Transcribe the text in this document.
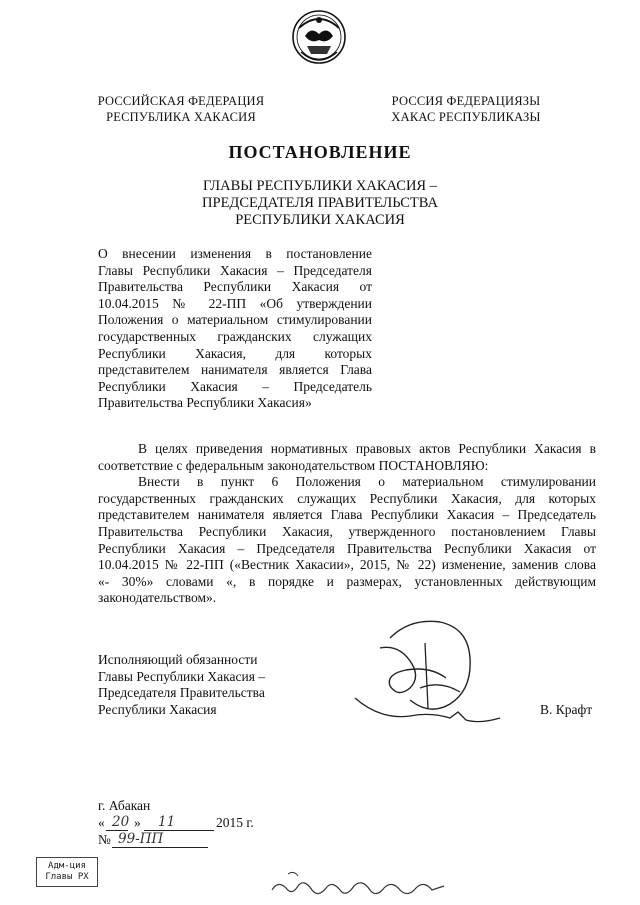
РОССИЙСКАЯ ФЕДЕРАЦИЯ
РЕСПУБЛИКА ХАКАСИЯ
РОССИЯ ФЕДЕРАЦИЯЗЫ
ХАКАС РЕСПУБЛИКАЗЫ
ПОСТАНОВЛЕНИЕ
ГЛАВЫ РЕСПУБЛИКИ ХАКАСИЯ –
ПРЕДСЕДАТЕЛЯ ПРАВИТЕЛЬСТВА
РЕСПУБЛИКИ ХАКАСИЯ
О внесении изменения в постановление
Главы Республики Хакасия – Председателя
Правительства Республики Хакасия от
10.04.2015 № 22-ПП «Об утверждении
Положения о материальном стимулировании
государственных гражданских служащих
Республики Хакасия, для которых
представителем нанимателя является Глава
Республики Хакасия – Председатель
Правительства Республики Хакасия»
В целях приведения нормативных правовых актов Республики Хакасия в
соответствие с федеральным законодательством ПОСТАНОВЛЯЮ:
Внести в пункт 6 Положения о материальном стимулировании
государственных гражданских служащих Республики Хакасия, для которых
представителем нанимателя является Глава Республики Хакасия – Председатель
Правительства Республики Хакасия, утвержденного постановлением Главы
Республики Хакасия – Председателя Правительства Республики Хакасия от
10.04.2015 № 22-ПП («Вестник Хакасии», 2015, № 22) изменение, заменив слова
«- 30%» словами «, в порядке и размерах, установленных действующим
законодательством».
Исполняющий обязанности
Главы Республики Хакасия –
Председателя Правительства
Республики Хакасия	В. Крафт
г. Абакан
« 20 » 11	2015 г.
№ 99-ПП
Адм-ция
Главы РХ
